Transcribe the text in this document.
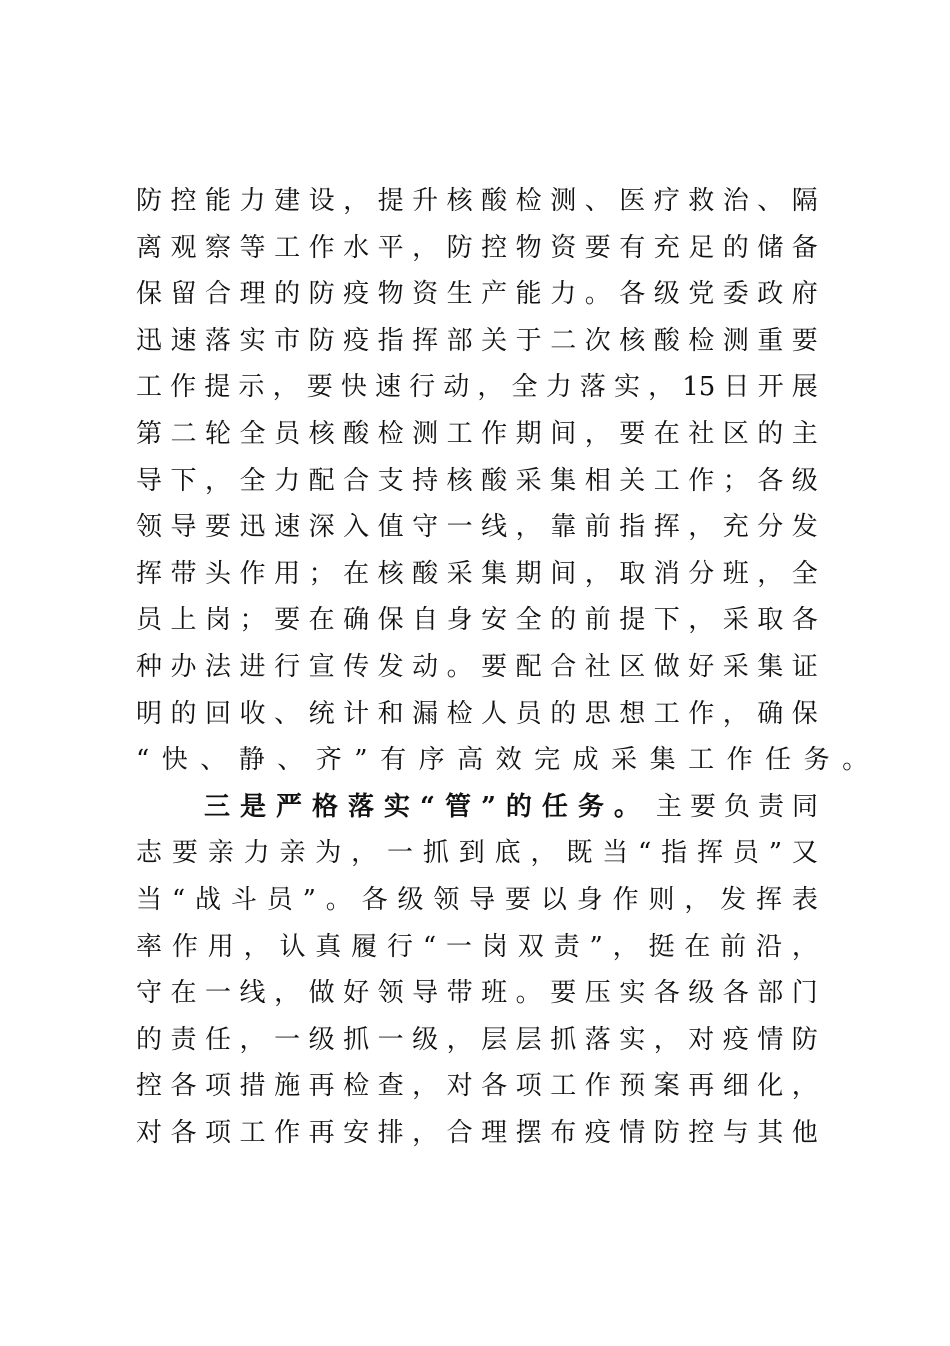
防 控 能 力 建 设 ， 提 升 核 酸 检 测 、 医 疗 救 治 、 隔
离 观 察 等 工 作 水 平 ， 防 控 物 资 要 有 充 足 的 储 备
保 留 合 理 的 防 疫 物 资 生 产 能 力 。 各 级 党 委 政 府
迅 速 落 实 市 防 疫 指 挥 部 关 于 二 次 核 酸 检 测 重 要
工 作 提 示 ， 要 快 速 行 动 ， 全 力 落 实 ， 15 日 开 展
第 二 轮 全 员 核 酸 检 测 工 作 期 间 ， 要 在 社 区 的 主
导 下 ， 全 力 配 合 支 持 核 酸 采 集 相 关 工 作 ； 各 级
领 导 要 迅 速 深 入 值 守 一 线 ， 靠 前 指 挥 ， 充 分 发
挥 带 头 作 用 ； 在 核 酸 采 集 期 间 ， 取 消 分 班 ， 全
员 上 岗 ； 要 在 确 保 自 身 安 全 的 前 提 下 ， 采 取 各
种 办 法 进 行 宣 传 发 动 。 要 配 合 社 区 做 好 采 集 证
明 的 回 收 、 统 计 和 漏 检 人 员 的 思 想 工 作 ， 确 保
“快、静、齐”有序高效完成采集工作任务。
三是严格落实“管”的任务。 主 要 负 责 同
志 要 亲 力 亲 为 ， 一 抓 到 底 ， 既 当 “ 指 挥 员 ” 又
当 “ 战 斗 员 ” 。 各 级 领 导 要 以 身 作 则 ， 发 挥 表
率 作 用 ， 认 真 履 行 “ 一 岗 双 责 ” ， 挺 在 前 沿 ，
守 在 一 线 ， 做 好 领 导 带 班 。 要 压 实 各 级 各 部 门
的 责 任 ， 一 级 抓 一 级 ， 层 层 抓 落 实 ， 对 疫 情 防
控 各 项 措 施 再 检 查 ， 对 各 项 工 作 预 案 再 细 化 ，
对 各 项 工 作 再 安 排 ， 合 理 摆 布 疫 情 防 控 与 其 他
